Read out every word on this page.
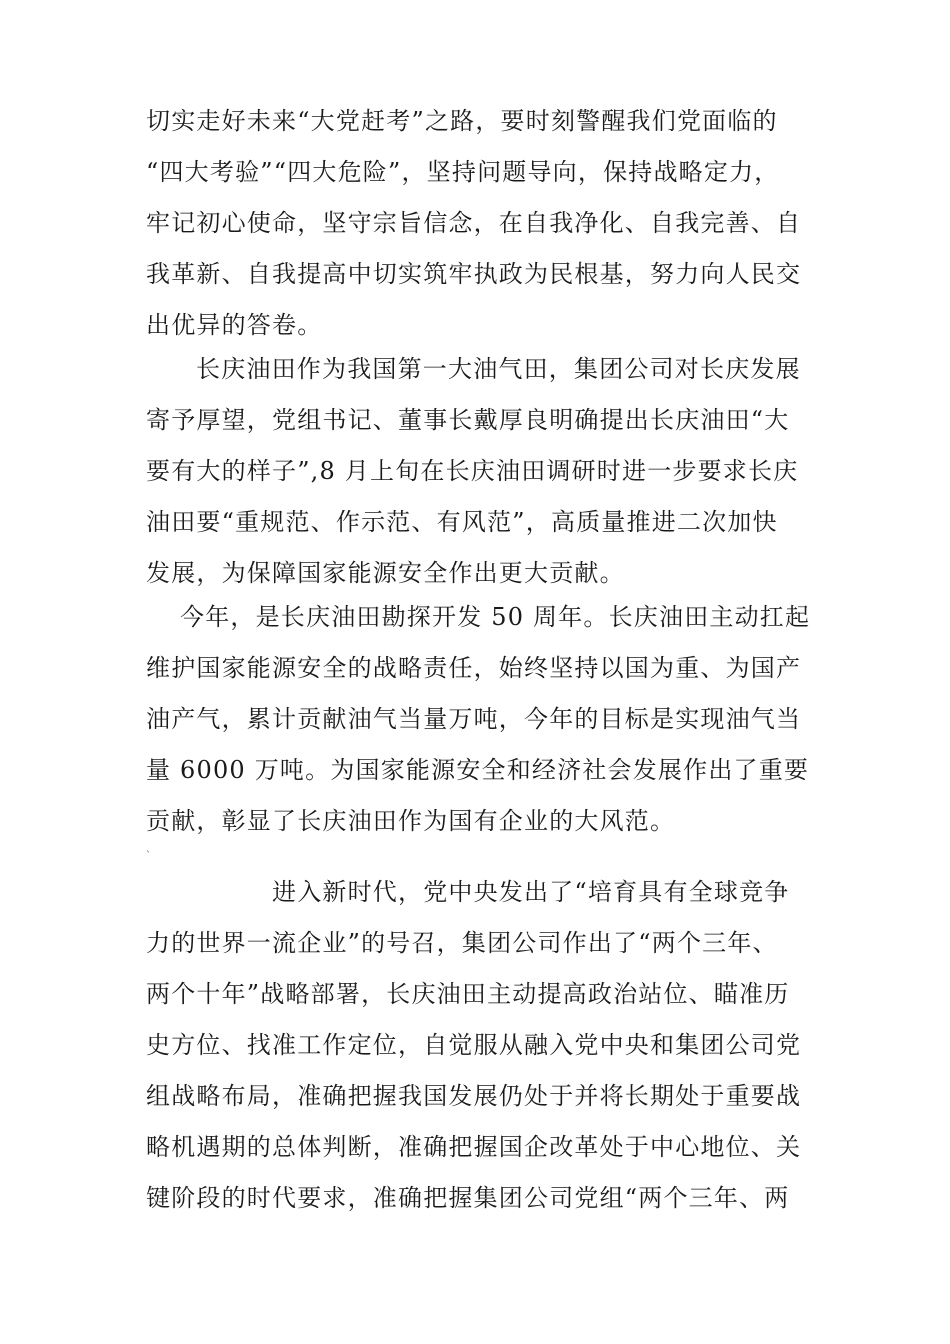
切实走好未来“大党赶考”之路，要时刻警醒我们党面临的
“四大考验”“四大危险”，坚持问题导向，保持战略定力，
牢记初心使命，坚守宗旨信念，在自我净化、自我完善、自
我革新、自我提高中切实筑牢执政为民根基，努力向人民交
出优异的答卷。
长庆油田作为我国第一大油气田，集团公司对长庆发展
寄予厚望，党组书记、董事长戴厚良明确提出长庆油田“大
要有大的样子”,8 月上旬在长庆油田调研时进一步要求长庆
油田要“重规范、作示范、有风范”，高质量推进二次加快
发展，为保障国家能源安全作出更大贡献。
今年，是长庆油田勘探开发 50 周年。长庆油田主动扛起
维护国家能源安全的战略责任，始终坚持以国为重、为国产
油产气，累计贡献油气当量万吨，今年的目标是实现油气当
量 6000 万吨。为国家能源安全和经济社会发展作出了重要
贡献，彰显了长庆油田作为国有企业的大风范。
`
进入新时代，党中央发出了“培育具有全球竞争
力的世界一流企业”的号召，集团公司作出了“两个三年、
两个十年”战略部署，长庆油田主动提高政治站位、瞄准历
史方位、找准工作定位，自觉服从融入党中央和集团公司党
组战略布局，准确把握我国发展仍处于并将长期处于重要战
略机遇期的总体判断，准确把握国企改革处于中心地位、关
键阶段的时代要求，准确把握集团公司党组“两个三年、两
